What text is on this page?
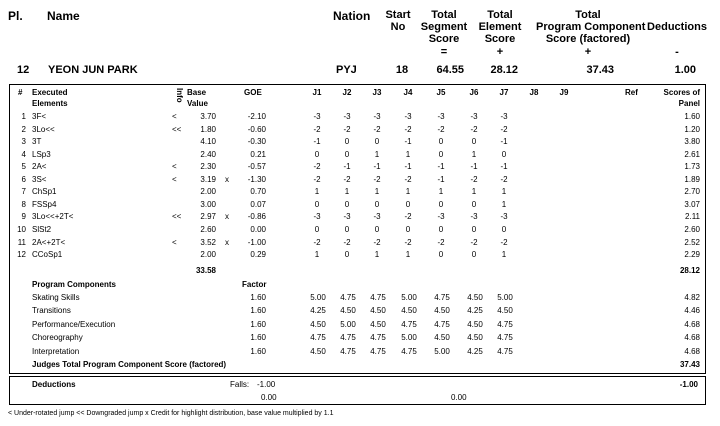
Pl. Name	Nation	Start
No
Total
Segment
Score
=
Total
Element
Score
+
Total
Program Component
Score (factored)
+
Deductions
-
12 YEON JUN PARK	PYJ	18	64.55	28.12	37.43	1.00
# Executed
Elements
Info Base
Value
GOE	J1	J2	J3	J4	J5	J6	J7	J8	J9	Ref	Scores of
Panel
1 3F<	<	3.70	-2.10	-3	-3	-3	-3	-3	-3	-3	1.60
2 3Lo<<	<<	1.80	-0.60	-2	-2	-2	-2	-2	-2	-2	1.20
3 3T	4.10	-0.30	-1	0	0	-1	0	0	-1	3.80
4 LSp3	2.40	0.21	0	0	1	1	0	1	0	2.61
5 2A<	<	2.30	-0.57	-2	-1	-1	-1	-1	-1	-1	1.73
6 3S<	<	3.19 x	-1.30	-2	-2	-2	-2	-1	-2	-2	1.89
7 ChSp1	2.00	0.70	1	1	1	1	1	1	1	2.70
8 FSSp4	3.00	0.07	0	0	0	0	0	0	1	3.07
9 3Lo<<+2T<	<<	2.97 x	-0.86	-3	-3	-3	-2	-3	-3	-3	2.11
10 SlSt2	2.60	0.00	0	0	0	0	0	0	0	2.60
11 2A<+2T<	<	3.52 x	-1.00	-2	-2	-2	-2	-2	-2	-2	2.52
12 CCoSp1	2.00	0.29	1	0	1	1	0	0	1	2.29
33.58	28.12
Program Components	Factor
Skating Skills	1.60	5.00	4.75	4.75	5.00	4.75	4.50	5.00	4.82
Transitions	1.60	4.25	4.50	4.50	4.50	4.50	4.25	4.50	4.46
Performance/Execution	1.60	4.50	5.00	4.50	4.75	4.75	4.50	4.75	4.68
Choreography	1.60	4.75	4.75	4.75	5.00	4.50	4.50	4.75	4.68
Interpretation	1.60	4.50	4.75	4.75	4.75	5.00	4.25	4.75	4.68
Judges Total Program Component Score (factored)	37.43
Deductions	Falls: -1.00	-1.00
0.00	0.00
< Under-rotated jump << Downgraded jump x Credit for highlight distribution, base value multiplied by 1.1
